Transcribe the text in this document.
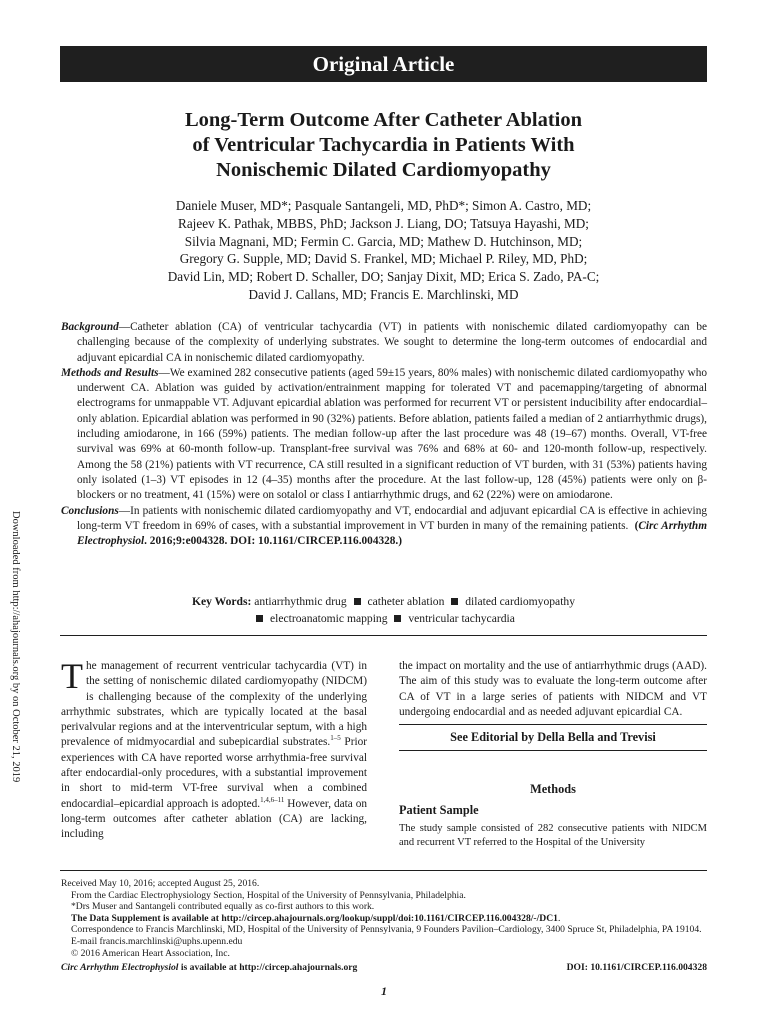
Original Article
Long-Term Outcome After Catheter Ablation
of Ventricular Tachycardia in Patients With
Nonischemic Dilated Cardiomyopathy
Daniele Muser, MD*; Pasquale Santangeli, MD, PhD*; Simon A. Castro, MD;
Rajeev K. Pathak, MBBS, PhD; Jackson J. Liang, DO; Tatsuya Hayashi, MD;
Silvia Magnani, MD; Fermin C. Garcia, MD; Mathew D. Hutchinson, MD;
Gregory G. Supple, MD; David S. Frankel, MD; Michael P. Riley, MD, PhD;
David Lin, MD; Robert D. Schaller, DO; Sanjay Dixit, MD; Erica S. Zado, PA-C;
David J. Callans, MD; Francis E. Marchlinski, MD

Background—Catheter ablation (CA) of ventricular tachycardia (VT) in patients with nonischemic dilated cardiomyopathy can be challenging because of the complexity of underlying substrates. We sought to determine the long-term outcomes of endocardial and adjuvant epicardial CA in nonischemic dilated cardiomyopathy.

Methods and Results—We examined 282 consecutive patients (aged 59±15 years, 80% males) with nonischemic dilated cardiomyopathy who underwent CA. Ablation was guided by activation/entrainment mapping for tolerated VT and pacemapping/targeting of abnormal electrograms for unmappable VT. Adjuvant epicardial ablation was performed for recurrent VT or persistent inducibility after endocardial–only ablation. Epicardial ablation was performed in 90 (32%) patients. Before ablation, patients failed a median of 2 antiarrhythmic drugs), including amiodarone, in 166 (59%) patients. The median follow-up after the last procedure was 48 (19–67) months. Overall, VT-free survival was 69% at 60-month follow-up. Transplant-free survival was 76% and 68% at 60- and 120-month follow-up, respectively. Among the 58 (21%) patients with VT recurrence, CA still resulted in a significant reduction of VT burden, with 31 (53%) patients having only isolated (1–3) VT episodes in 12 (4–35) months after the procedure. At the last follow-up, 128 (45%) patients were only on β-blockers or no treatment, 41 (15%) were on sotalol or class I antiarrhythmic drugs, and 62 (22%) were on amiodarone.

Conclusions—In patients with nonischemic dilated cardiomyopathy and VT, endocardial and adjuvant epicardial CA is effective in achieving long-term VT freedom in 69% of cases, with a substantial improvement in VT burden in many of the remaining patients. (Circ Arrhythm Electrophysiol. 2016;9:e004328. DOI: 10.1161/CIRCEP.116.004328.)

Key Words: antiarrhythmic drug catheter ablation dilated cardiomyopathy
electroanatomic mapping ventricular tachycardia
Downloaded from http://ahajournals.org by on October 21, 2019 The management of recurrent ventricular tachycardia (VT) in the setting of nonischemic dilated cardiomyopathy (NIDCM) is challenging because of the complexity of the underlying arrhythmic substrates, which are typically located at the basal perivalvular regions and at the interventricular septum, with a high prevalence of midmyocardial and subepicardial substrates.$^{1-5}$ Prior experiences with CA have reported worse arrhythmia-free survival after endocardial-only procedures, with a substantial improvement in short to mid-term VT-free survival when a combined endocardial–epicardial approach is adopted.$^{1,4,6-11}$ However, data on long-term outcomes after catheter ablation (CA) are lacking, including

the impact on mortality and the use of antiarrhythmic drugs (AAD). The aim of this study was to evaluate the long-term outcome after CA of VT in a large series of patients with NIDCM and VT undergoing endocardial and as needed adjuvant epicardial CA.

See Editorial by Della Bella and Trevisi
Methods
Patient Sample

The study sample consisted of 282 consecutive patients with NIDCM and recurrent VT referred to the Hospital of the University

Received May 10, 2016; accepted August 25, 2016.

From the Cardiac Electrophysiology Section, Hospital of the University of Pennsylvania, Philadelphia.

*Drs Muser and Santangeli contributed equally as co-first authors to this work.

The Data Supplement is available at http://circep.ahajournals.org/lookup/suppl/doi:10.1161/CIRCEP.116.004328/-/DC1.

Correspondence to Francis Marchlinski, MD, Hospital of the University of Pennsylvania, 9 Founders Pavilion–Cardiology, 3400 Spruce St, Philadelphia, PA 19104. E-mail francis.marchlinski@uphs.upenn.edu

© 2016 American Heart Association, Inc.

Circ Arrhythm Electrophysiol is available at http://circep.ahajournals.org	DOI: 10.1161/CIRCEP.116.004328
1
